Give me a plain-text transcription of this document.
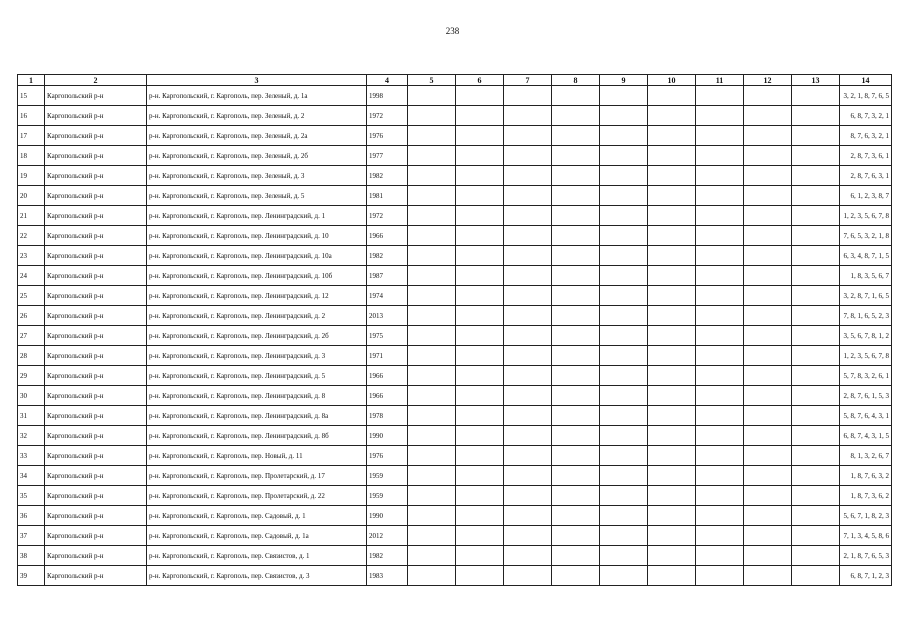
238
1	2	3	4	5	6	7	8	9	10	11	12	13	14
15	Каргопольский р-н	р-н. Каргопольский, г. Каргополь, пер. Зеленый, д. 1а	1998										3, 2, 1, 8, 7, 6, 5
16	Каргопольский р-н	р-н. Каргопольский, г. Каргополь, пер. Зеленый, д. 2	1972										6, 8, 7, 3, 2, 1
17	Каргопольский р-н	р-н. Каргопольский, г. Каргополь, пер. Зеленый, д. 2а	1976										8, 7, 6, 3, 2, 1
18	Каргопольский р-н	р-н. Каргопольский, г. Каргополь, пер. Зеленый, д. 2б	1977										2, 8, 7, 3, 6, 1
19	Каргопольский р-н	р-н. Каргопольский, г. Каргополь, пер. Зеленый, д. 3	1982										2, 8, 7, 6, 3, 1
20	Каргопольский р-н	р-н. Каргопольский, г. Каргополь, пер. Зеленый, д. 5	1981										6, 1, 2, 3, 8, 7
21	Каргопольский р-н	р-н. Каргопольский, г. Каргополь, пер. Ленинградский, д. 1	1972										1, 2, 3, 5, 6, 7, 8
22	Каргопольский р-н	р-н. Каргопольский, г. Каргополь, пер. Ленинградский, д. 10	1966										7, 6, 5, 3, 2, 1, 8
23	Каргопольский р-н	р-н. Каргопольский, г. Каргополь, пер. Ленинградский, д. 10а	1982										6, 3, 4, 8, 7, 1, 5
24	Каргопольский р-н	р-н. Каргопольский, г. Каргополь, пер. Ленинградский, д. 10б	1987										1, 8, 3, 5, 6, 7
25	Каргопольский р-н	р-н. Каргопольский, г. Каргополь, пер. Ленинградский, д. 12	1974										3, 2, 8, 7, 1, 6, 5
26	Каргопольский р-н	р-н. Каргопольский, г. Каргополь, пер. Ленинградский, д. 2	2013										7, 8, 1, 6, 5, 2, 3
27	Каргопольский р-н	р-н. Каргопольский, г. Каргополь, пер. Ленинградский, д. 2б	1975										3, 5, 6, 7, 8, 1, 2
28	Каргопольский р-н	р-н. Каргопольский, г. Каргополь, пер. Ленинградский, д. 3	1971										1, 2, 3, 5, 6, 7, 8
29	Каргопольский р-н	р-н. Каргопольский, г. Каргополь, пер. Ленинградский, д. 5	1966										5, 7, 8, 3, 2, 6, 1
30	Каргопольский р-н	р-н. Каргопольский, г. Каргополь, пер. Ленинградский, д. 8	1966										2, 8, 7, 6, 1, 5, 3
31	Каргопольский р-н	р-н. Каргопольский, г. Каргополь, пер. Ленинградский, д. 8а	1978										5, 8, 7, 6, 4, 3, 1
32	Каргопольский р-н	р-н. Каргопольский, г. Каргополь, пер. Ленинградский, д. 8б	1990										6, 8, 7, 4, 3, 1, 5
33	Каргопольский р-н	р-н. Каргопольский, г. Каргополь, пер. Новый, д. 11	1976										8, 1, 3, 2, 6, 7
34	Каргопольский р-н	р-н. Каргопольский, г. Каргополь, пер. Пролетарский, д. 17	1959										1, 8, 7, 6, 3, 2
35	Каргопольский р-н	р-н. Каргопольский, г. Каргополь, пер. Пролетарский, д. 22	1959										1, 8, 7, 3, 6, 2
36	Каргопольский р-н	р-н. Каргопольский, г. Каргополь, пер. Садовый, д. 1	1990										5, 6, 7, 1, 8, 2, 3
37	Каргопольский р-н	р-н. Каргопольский, г. Каргополь, пер. Садовый, д. 1а	2012										7, 1, 3, 4, 5, 8, 6
38	Каргопольский р-н	р-н. Каргопольский, г. Каргополь, пер. Связистов, д. 1	1982										2, 1, 8, 7, 6, 5, 3
39	Каргопольский р-н	р-н. Каргопольский, г. Каргополь, пер. Связистов, д. 3	1983										6, 8, 7, 1, 2, 3
